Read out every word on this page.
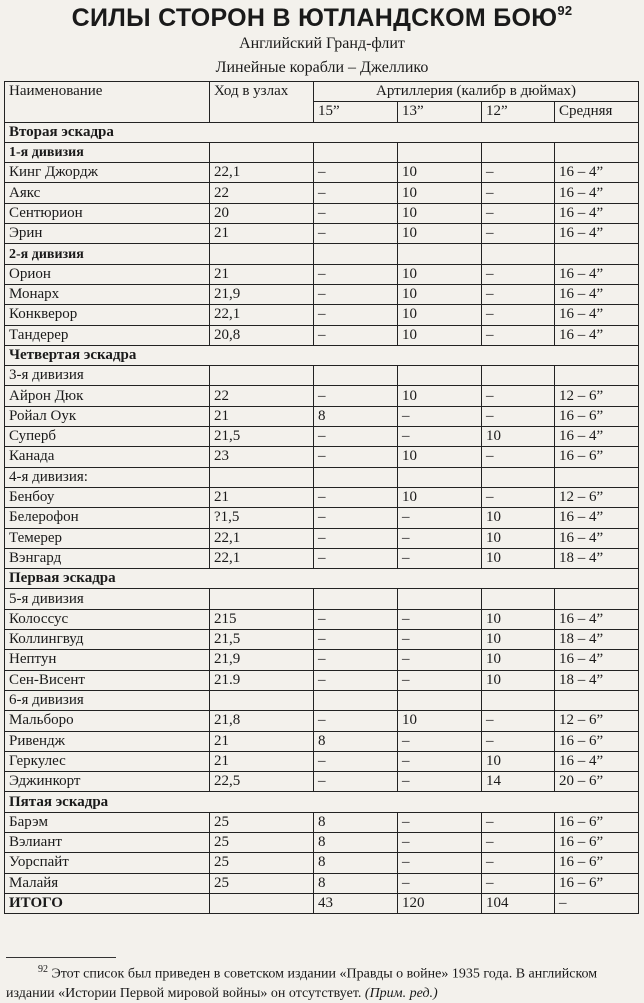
СИЛЫ СТОРОН В ЮТЛАНДСКОМ БОЮ$^{92}$
Английский Гранд-флит
Линейные корабли – Джеллико
Наименование	Ход в узлах	Артиллерия (калибр в дюймах)			
		15”	13”	12”	Средняя
Вторая эскадра					
1-я дивизия					
Кинг Джордж	22,1	–	10	–	16 – 4”
Аякс	22	–	10	–	16 – 4”
Сентюрион	20	–	10	–	16 – 4”
Эрин	21	–	10	–	16 – 4”
2-я дивизия					
Орион	21	–	10	–	16 – 4”
Монарх	21,9	–	10	–	16 – 4”
Конкверор	22,1	–	10	–	16 – 4”
Тандерер	20,8	–	10	–	16 – 4”
Четвертая эскадра					
3-я дивизия					
Айрон Дюк	22	–	10	–	12 – 6”
Ройал Оук	21	8	–	–	16 – 6”
Суперб	21,5	–	–	10	16 – 4”
Канада	23	–	10	–	16 – 6”
4-я дивизия:					
Бенбоу	21	–	10	–	12 – 6”
Белерофон	?1,5	–	–	10	16 – 4”
Темерер	22,1	–	–	10	16 – 4”
Вэнгард	22,1	–	–	10	18 – 4”
Первая эскадра					
5-я дивизия					
Колоссус	215	–	–	10	16 – 4”
Коллингвуд	21,5	–	–	10	18 – 4”
Нептун	21,9	–	–	10	16 – 4”
Сен-Висент	21.9	–	–	10	18 – 4”
6-я дивизия					
Мальборо	21,8	–	10	–	12 – 6”
Ривендж	21	8	–	–	16 – 6”
Геркулес	21	–	–	10	16 – 4”
Эджинкорт	22,5	–	–	14	20 – 6”
Пятая эскадра					
Барэм	25	8	–	–	16 – 6”
Вэлиант	25	8	–	–	16 – 6”
Уорспайт	25	8	–	–	16 – 6”
Малайя	25	8	–	–	16 – 6”
ИТОГО		43	120	104	–
$^{92}$ Этот список был приведен в советском издании «Правды о войне» 1935 года. В английском издании «Истории Первой мировой войны» он отсутствует. (Прим. ред.)
